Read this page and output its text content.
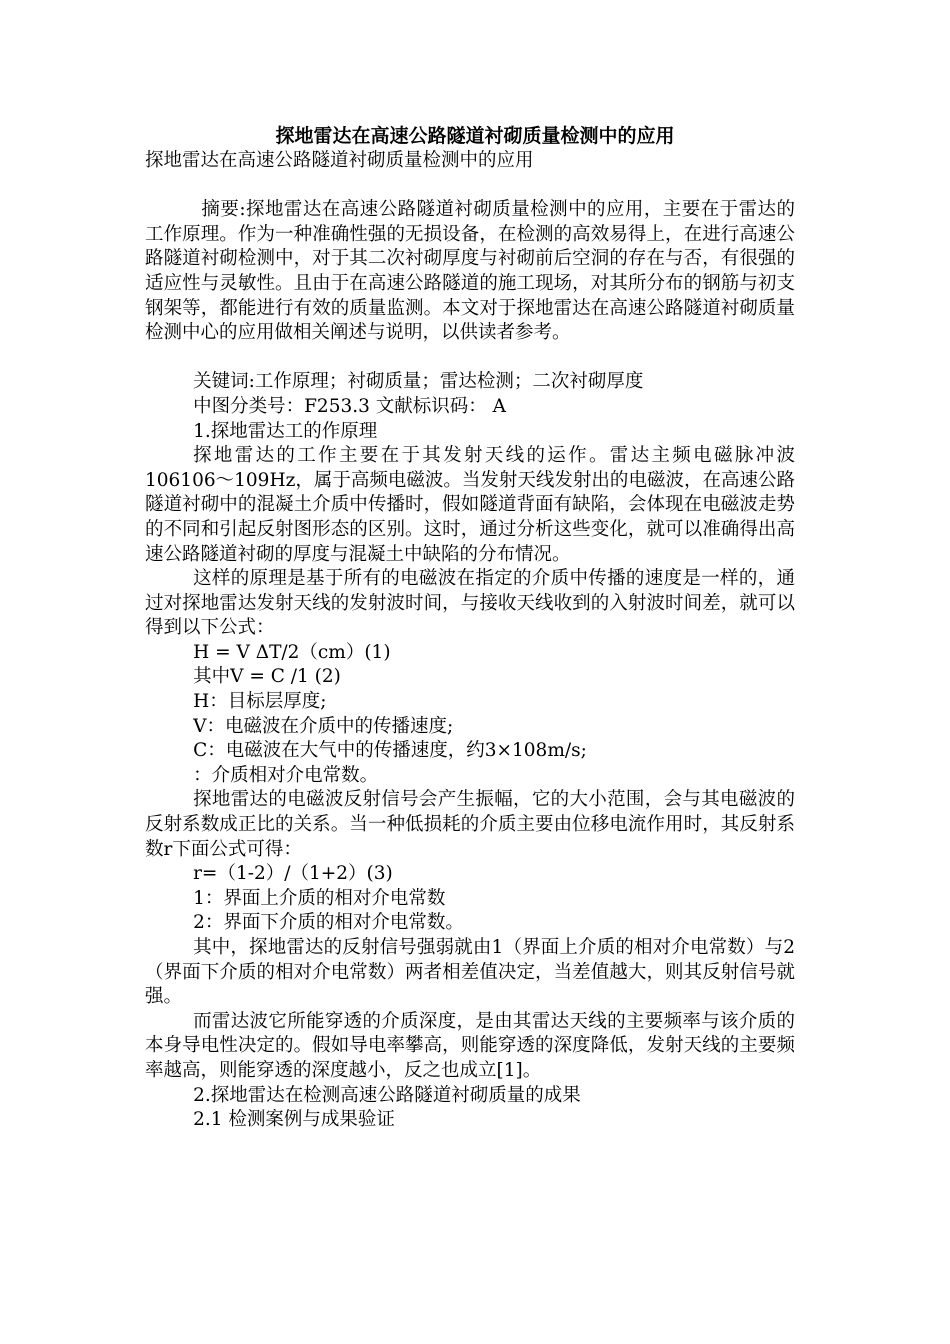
探地雷达在高速公路隧道衬砌质量检测中的应用

探地雷达在高速公路隧道衬砌质量检测中的应用

摘要:探地雷达在高速公路隧道衬砌质量检测中的应用，主要在于雷达的工作原理。作为一种准确性强的无损设备，在检测的高效易得上，在进行高速公路隧道衬砌检测中，对于其二次衬砌厚度与衬砌前后空洞的存在与否，有很强的适应性与灵敏性。且由于在高速公路隧道的施工现场，对其所分布的钢筋与初支钢架等，都能进行有效的质量监测。本文对于探地雷达在高速公路隧道衬砌质量检测中心的应用做相关阐述与说明，以供读者参考。

关键词:工作原理；衬砌质量；雷达检测；二次衬砌厚度

中图分类号：F253.3 文献标识码： A

1.探地雷达工的作原理

探地雷达的工作主要在于其发射天线的运作。雷达主频电磁脉冲波106106～109Hz，属于高频电磁波。当发射天线发射出的电磁波，在高速公路隧道衬砌中的混凝土介质中传播时，假如隧道背面有缺陷，会体现在电磁波走势的不同和引起反射图形态的区别。这时，通过分析这些变化，就可以准确得出高速公路隧道衬砌的厚度与混凝土中缺陷的分布情况。

这样的原理是基于所有的电磁波在指定的介质中传播的速度是一样的，通过对探地雷达发射天线的发射波时间，与接收天线收到的入射波时间差，就可以得到以下公式：

H = V ΔT/2（cm）(1)

其中V = C /1 (2)

H：目标层厚度;

V：电磁波在介质中的传播速度;

C：电磁波在大气中的传播速度，约3×108m/s;

：介质相对介电常数。

探地雷达的电磁波反射信号会产生振幅，它的大小范围，会与其电磁波的反射系数成正比的关系。当一种低损耗的介质主要由位移电流作用时，其反射系数r下面公式可得：

r=（1-2）/（1+2）(3)

1：界面上介质的相对介电常数

2：界面下介质的相对介电常数。

其中，探地雷达的反射信号强弱就由1（界面上介质的相对介电常数）与2（界面下介质的相对介电常数）两者相差值决定，当差值越大，则其反射信号就强。

而雷达波它所能穿透的介质深度，是由其雷达天线的主要频率与该介质的本身导电性决定的。假如导电率攀高，则能穿透的深度降低，发射天线的主要频率越高，则能穿透的深度越小，反之也成立[1]。

2.探地雷达在检测高速公路隧道衬砌质量的成果

2.1 检测案例与成果验证
